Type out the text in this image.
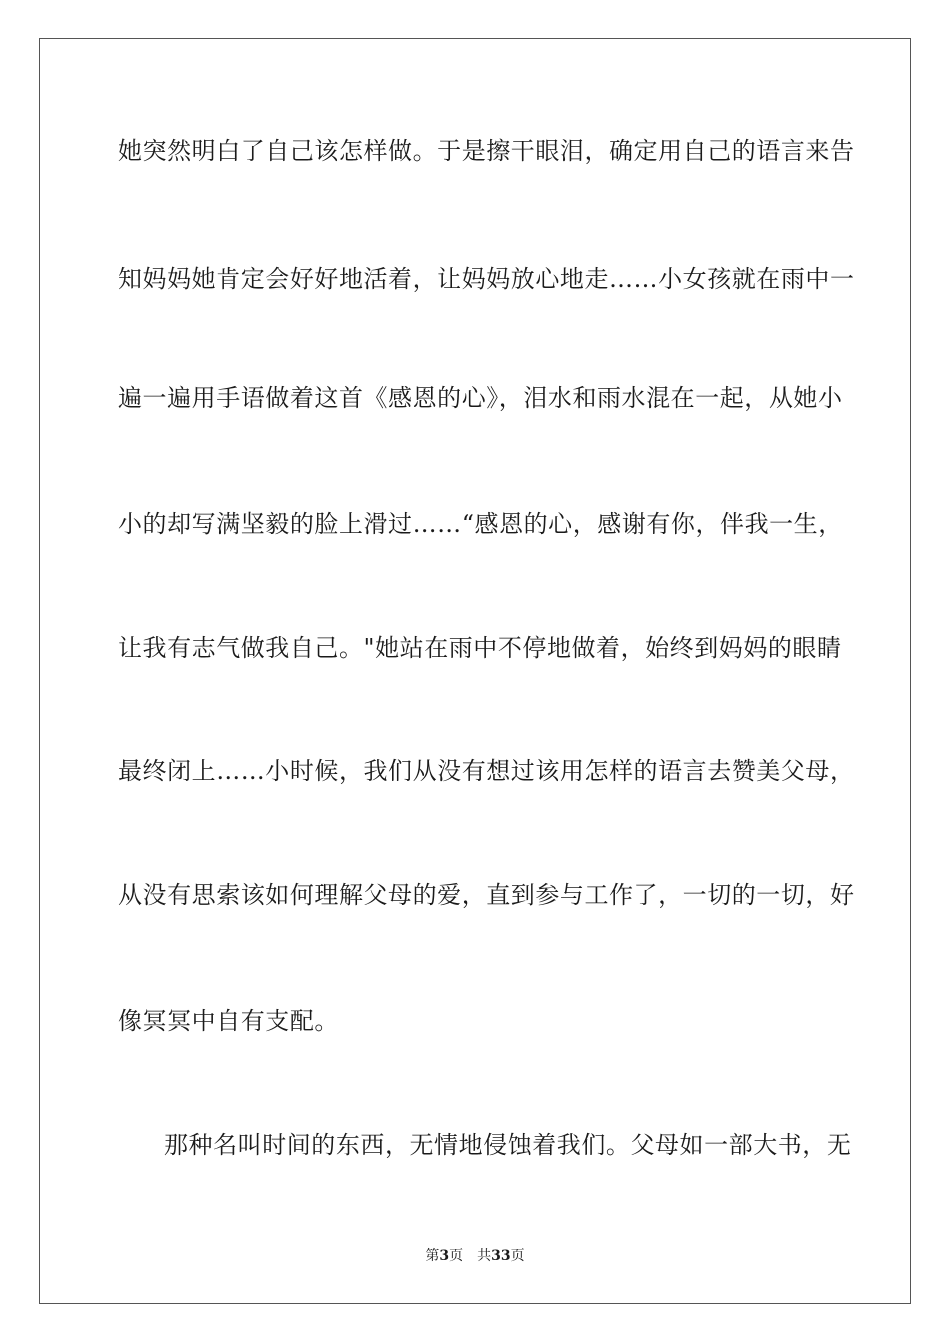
她突然明白了自己该怎样做。于是擦干眼泪，确定用自己的语言来告
知妈妈她肯定会好好地活着，让妈妈放心地走……小女孩就在雨中一
遍一遍用手语做着这首《感恩的心》，泪水和雨水混在一起，从她小
小的却写满坚毅的脸上滑过……“感恩的心，感谢有你，伴我一生，
让我有志气做我自己。"她站在雨中不停地做着，始终到妈妈的眼睛
最终闭上……小时候，我们从没有想过该用怎样的语言去赞美父母，
从没有思索该如何理解父母的爱，直到参与工作了，一切的一切，好
像冥冥中自有支配。
那种名叫时间的东西，无情地侵蚀着我们。父母如一部大书，无
第3页 共33页
